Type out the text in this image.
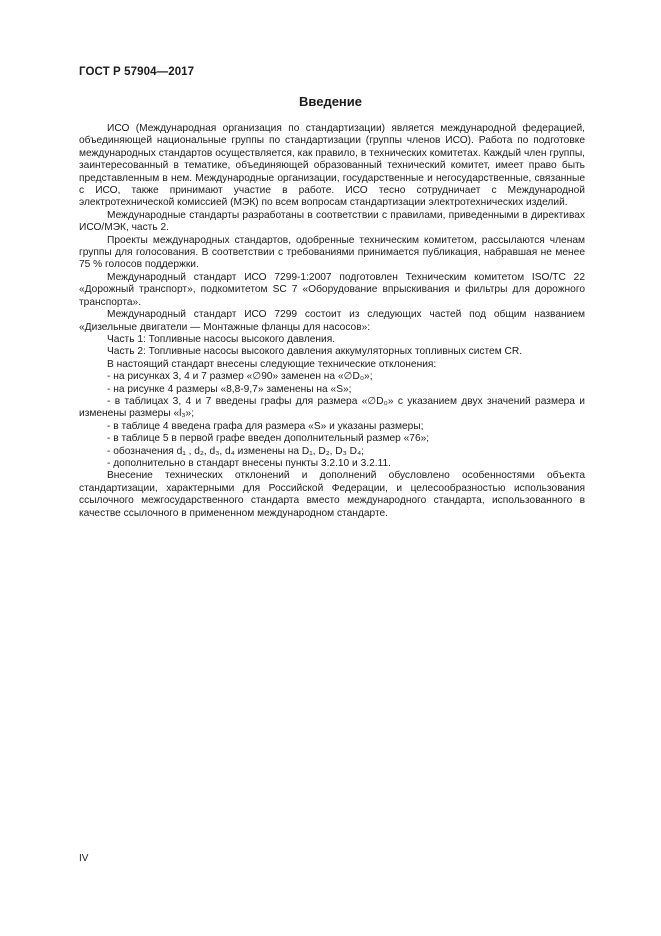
ГОСТ Р 57904—2017
Введение

ИСО (Международная организация по стандартизации) является международной федерацией, объединяющей национальные группы по стандартизации (группы членов ИСО). Работа по подготовке международных стандартов осуществляется, как правило, в технических комитетах. Каждый член группы, заинтересованный в тематике, объединяющей образованный технический комитет, имеет право быть представленным в нем. Международные организации, государственные и негосударственные, связанные с ИСО, также принимают участие в работе. ИСО тесно сотрудничает с Международной электротехнической комиссией (МЭК) по всем вопросам стандартизации электротехнических изделий.

Международные стандарты разработаны в соответствии с правилами, приведенными в директивах ИСО/МЭК, часть 2.

Проекты международных стандартов, одобренные техническим комитетом, рассылаются членам группы для голосования. В соответствии с требованиями принимается публикация, набравшая не менее 75 % голосов поддержки.

Международный стандарт ИСО 7299-1:2007 подготовлен Техническим комитетом ISO/TC 22 «Дорожный транспорт», подкомитетом SC 7 «Оборудование впрыскивания и фильтры для дорожного транспорта».

Международный стандарт ИСО 7299 состоит из следующих частей под общим названием «Дизельные двигатели — Монтажные фланцы для насосов»:

Часть 1: Топливные насосы высокого давления.

Часть 2: Топливные насосы высокого давления аккумуляторных топливных систем CR.

В настоящий стандарт внесены следующие технические отклонения:

- на рисунках 3, 4 и 7 размер «∅90» заменен на «∅D₀»;

- на рисунке 4 размеры «8,8-9,7» заменены на «S»;

- в таблицах 3, 4 и 7 введены графы для размера «∅D₀» с указанием двух значений размера и изменены размеры «l₃»;

- в таблице 4 введена графа для размера «S» и указаны размеры;

- в таблице 5 в первой графе введен дополнительный размер «76»;

- обозначения d₁ , d₂, d₃, d₄ изменены на D₁, D₂, D₃ D₄;

- дополнительно в стандарт внесены пункты 3.2.10 и 3.2.11.

Внесение технических отклонений и дополнений обусловлено особенностями объекта стандартизации, характерными для Российской Федерации, и целесообразностью использования ссылочного межгосударственного стандарта вместо международного стандарта, использованного в качестве ссылочного в примененном международном стандарте.

IV
